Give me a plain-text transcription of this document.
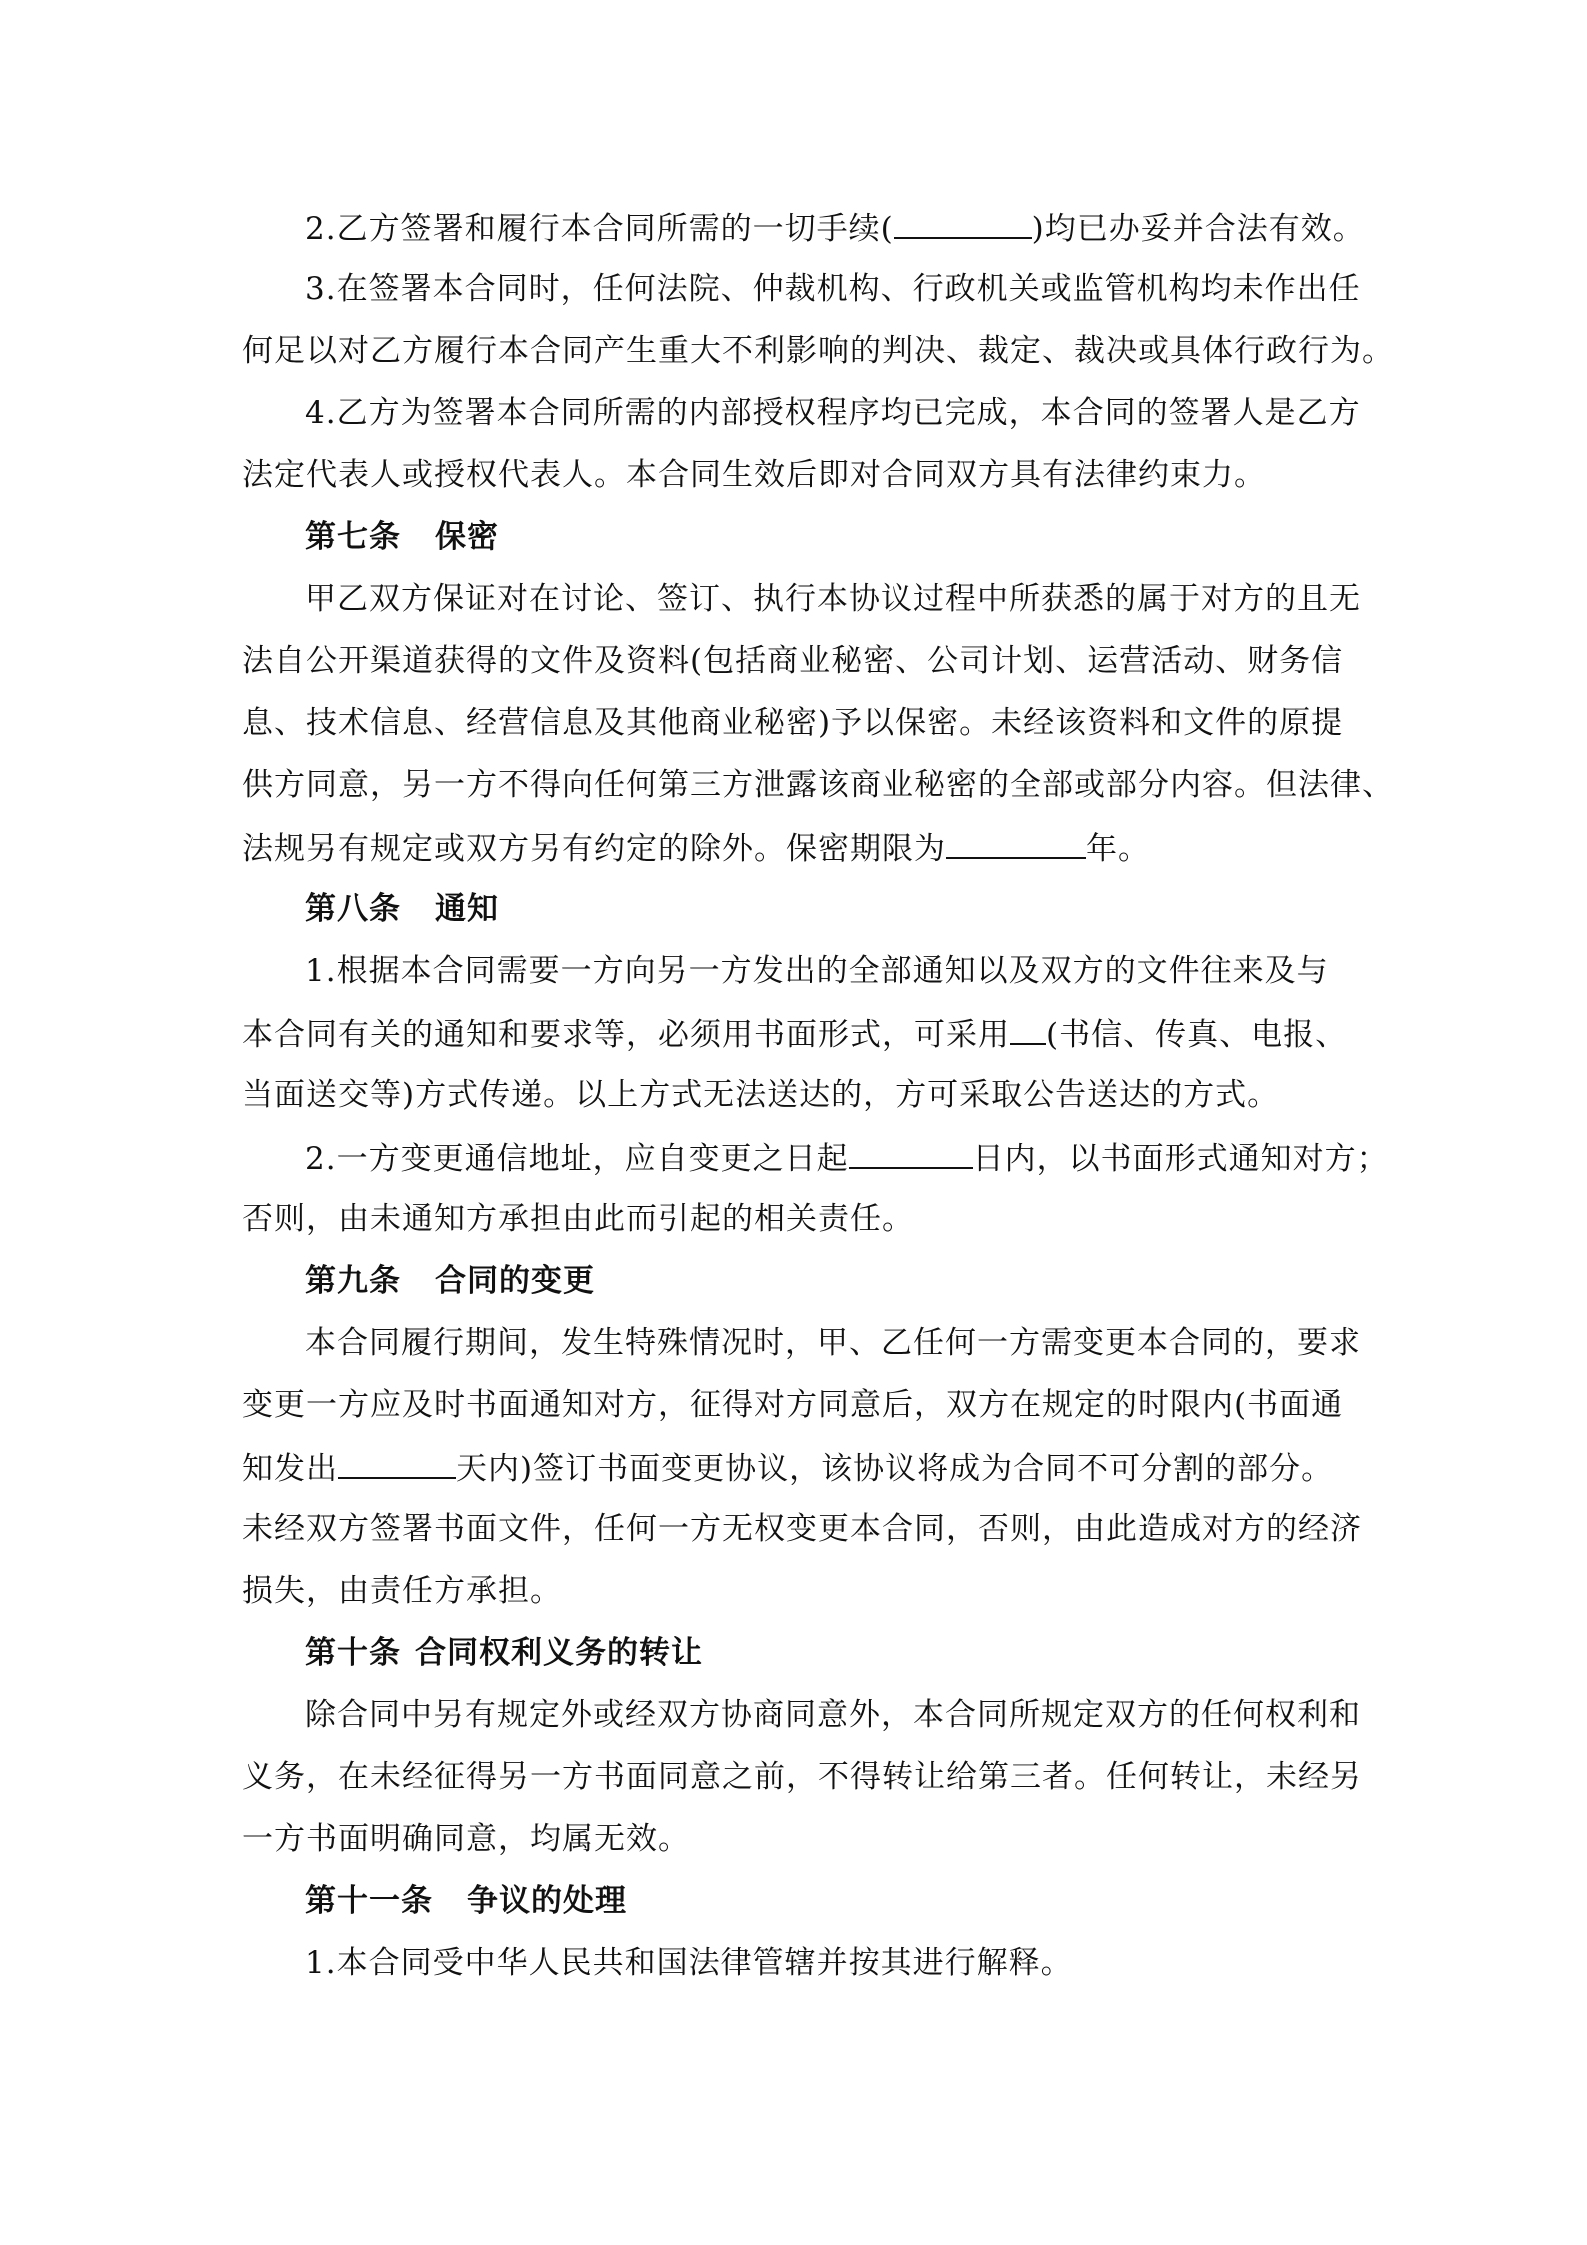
2.乙方签署和履行本合同所需的一切手续(	)均已办妥并合法有效。
3.在签署本合同时，任何法院、仲裁机构、行政机关或监管机构均未作出任
何足以对乙方履行本合同产生重大不利影响的判决、裁定、裁决或具体行政行为。
4.乙方为签署本合同所需的内部授权程序均已完成，本合同的签署人是乙方
法定代表人或授权代表人。本合同生效后即对合同双方具有法律约束力。
第七条 保密
甲乙双方保证对在讨论、签订、执行本协议过程中所获悉的属于对方的且无
法自公开渠道获得的文件及资料(包括商业秘密、公司计划、运营活动、财务信
息、技术信息、经营信息及其他商业秘密)予以保密。未经该资料和文件的原提
供方同意，另一方不得向任何第三方泄露该商业秘密的全部或部分内容。但法律、
法规另有规定或双方另有约定的除外。保密期限为	年。
第八条 通知
1.根据本合同需要一方向另一方发出的全部通知以及双方的文件往来及与
本合同有关的通知和要求等，必须用书面形式，可采用 (书信、传真、电报、
当面送交等)方式传递。以上方式无法送达的，方可采取公告送达的方式。
2.一方变更通信地址，应自变更之日起	日内，以书面形式通知对方；
否则，由未通知方承担由此而引起的相关责任。
第九条 合同的变更
本合同履行期间，发生特殊情况时，甲、乙任何一方需变更本合同的，要求
变更一方应及时书面通知对方，征得对方同意后，双方在规定的时限内(书面通
知发出	天内)签订书面变更协议，该协议将成为合同不可分割的部分。
未经双方签署书面文件，任何一方无权变更本合同，否则，由此造成对方的经济
损失，由责任方承担。
第十条 合同权利义务的转让
除合同中另有规定外或经双方协商同意外，本合同所规定双方的任何权利和
义务，在未经征得另一方书面同意之前，不得转让给第三者。任何转让，未经另
一方书面明确同意，均属无效。
第十一条 争议的处理
1.本合同受中华人民共和国法律管辖并按其进行解释。
